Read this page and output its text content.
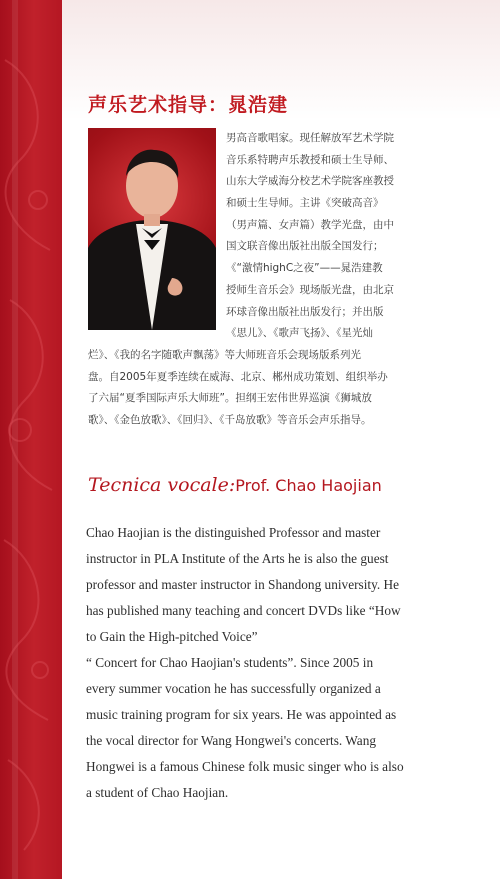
声乐艺术指导：晁浩建
男高音歌唱家。现任解放军艺术学院
音乐系特聘声乐教授和硕士生导师、
山东大学威海分校艺术学院客座教授
和硕士生导师。主讲《突破高音》
（男声篇、女声篇）教学光盘，由中
国文联音像出版社出版全国发行；
《“激情highC之夜”——晁浩建教
授师生音乐会》现场版光盘，由北京
环球音像出版社出版发行；并出版
《思儿》、《歌声飞扬》、《星光灿
烂》、《我的名字随歌声飘荡》等大师班音乐会现场版系列光
盘。自2005年夏季连续在威海、北京、郴州成功策划、组织举办
了六届“夏季国际声乐大师班”。担纲王宏伟世界巡演《狮城放
歌》、《金色放歌》、《回归》、《千岛放歌》等音乐会声乐指导。
Tecnica vocale:Prof. Chao Haojian
Chao Haojian is the distinguished Professor and master
instructor in PLA Institute of the Arts he is also the guest
professor and master instructor in Shandong university. He
has published many teaching and concert DVDs like “How
to Gain the High-pitched Voice”
“ Concert for Chao Haojian's students”. Since 2005 in
every summer vocation he has successfully organized a
music training program for six years. He was appointed as
the vocal director for Wang Hongwei's concerts. Wang
Hongwei is a famous Chinese folk music singer who is also
a student of Chao Haojian.
